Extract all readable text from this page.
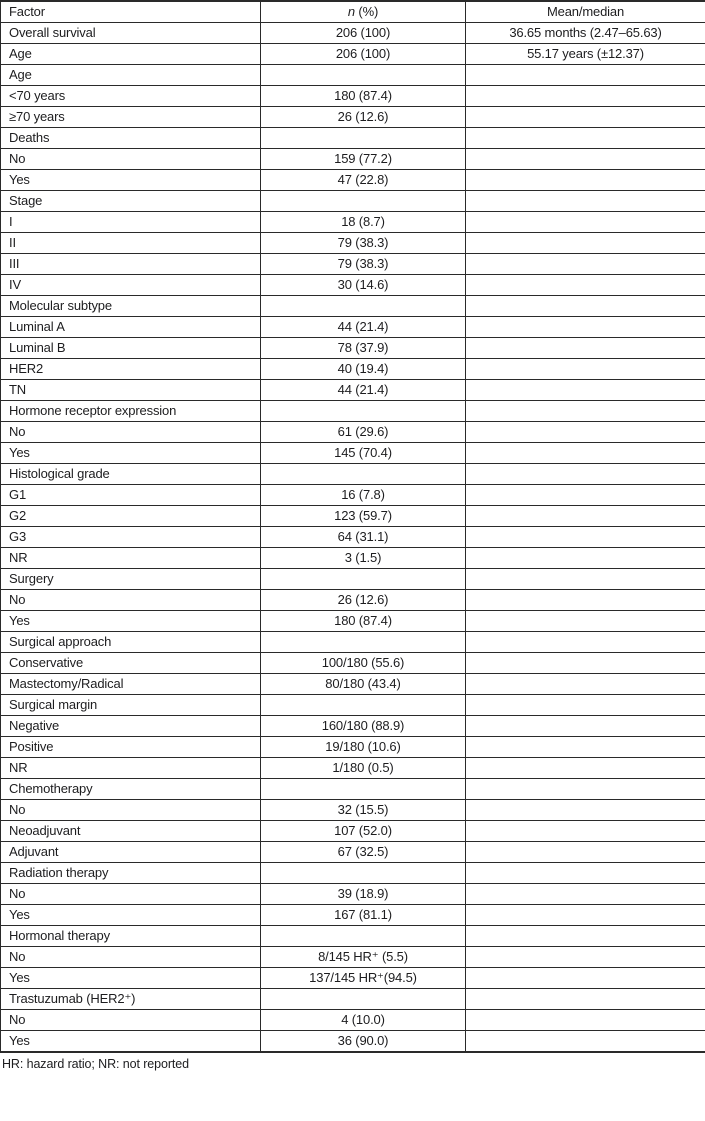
Factor	n (%)	Mean/median
Overall survival	206 (100)	36.65 months (2.47–65.63)
Age	206 (100)	55.17 years (±12.37)
Age		
<70 years	180 (87.4)	
≥70 years	26 (12.6)	
Deaths		
No	159 (77.2)	
Yes	47 (22.8)	
Stage		
I	18 (8.7)	
II	79 (38.3)	
III	79 (38.3)	
IV	30 (14.6)	
Molecular subtype		
Luminal A	44 (21.4)	
Luminal B	78 (37.9)	
HER2	40 (19.4)	
TN	44 (21.4)	
Hormone receptor expression		
No	61 (29.6)	
Yes	145 (70.4)	
Histological grade		
G1	16 (7.8)	
G2	123 (59.7)	
G3	64 (31.1)	
NR	3 (1.5)	
Surgery		
No	26 (12.6)	
Yes	180 (87.4)	
Surgical approach		
Conservative	100/180 (55.6)	
Mastectomy/Radical	80/180 (43.4)	
Surgical margin		
Negative	160/180 (88.9)	
Positive	19/180 (10.6)	
NR	1/180 (0.5)	
Chemotherapy		
No	32 (15.5)	
Neoadjuvant	107 (52.0)	
Adjuvant	67 (32.5)	
Radiation therapy		
No	39 (18.9)	
Yes	167 (81.1)	
Hormonal therapy		
No	8/145 HR⁺ (5.5)	
Yes	137/145 HR⁺(94.5)	
Trastuzumab (HER2⁺)		
No	4 (10.0)	
Yes	36 (90.0)	
HR: hazard ratio; NR: not reported
